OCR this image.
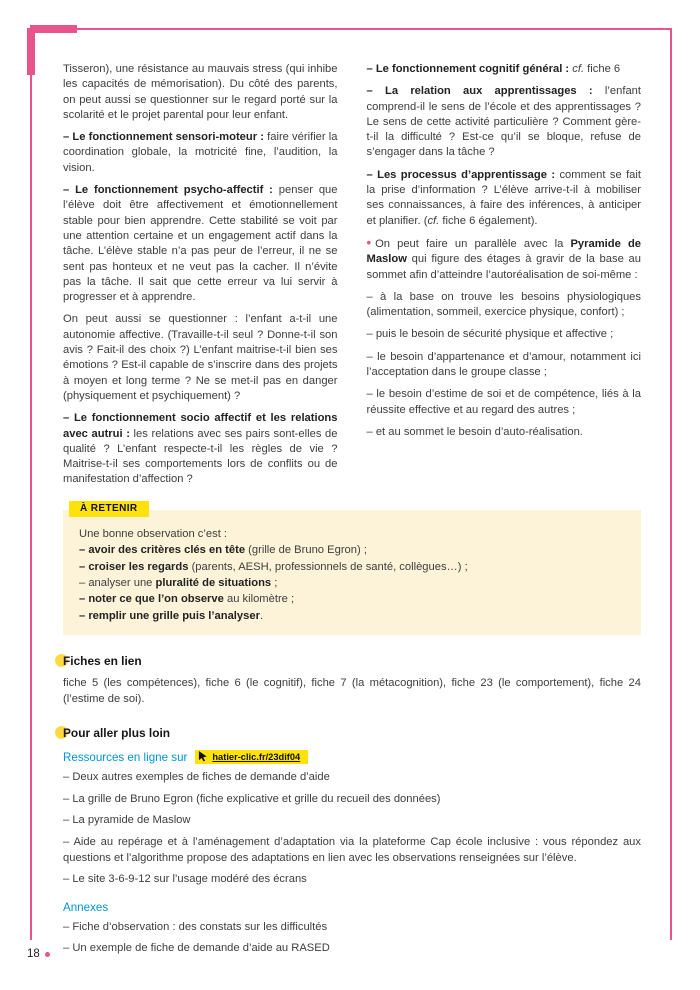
Tisseron), une résistance au mauvais stress (qui inhibe les capacités de mémorisation). Du côté des parents, on peut aussi se questionner sur le regard porté sur la scolarité et le projet parental pour leur enfant.

– Le fonctionnement sensori-moteur : faire vérifier la coordination globale, la motricité fine, l’audition, la vision.

– Le fonctionnement psycho-affectif : penser que l’élève doit être affectivement et émotionnellement stable pour bien apprendre. Cette stabilité se voit par une attention certaine et un engagement actif dans la tâche. L’élève stable n’a pas peur de l’erreur, il ne se sent pas honteux et ne veut pas la cacher. Il n’évite pas la tâche. Il sait que cette erreur va lui servir à progresser et à apprendre.

On peut aussi se questionner : l’enfant a-t-il une autonomie affective. (Travaille-t-il seul ? Donne-t-il son avis ? Fait-il des choix ?) L’enfant maitrise-t-il bien ses émotions ? Est-il capable de s’inscrire dans des projets à moyen et long terme ? Ne se met-il pas en danger (physiquement et psychiquement) ?

– Le fonctionnement socio affectif et les relations avec autrui : les relations avec ses pairs sont-elles de qualité ? L’enfant respecte-t-il les règles de vie ? Maitrise-t-il ses comportements lors de conflits ou de manifestation d’affection ?

– Le fonctionnement cognitif général : cf. fiche 6

– La relation aux apprentissages : l’enfant comprend-il le sens de l’école et des apprentissages ? Le sens de cette activité particulière ? Comment gère-t-il la difficulté ? Est-ce qu’il se bloque, refuse de s’engager dans la tâche ?

– Les processus d’apprentissage : comment se fait la prise d’information ? L’élève arrive-t-il à mobiliser ses connaissances, à faire des inférences, à anticiper et planifier. (cf. fiche 6 également).

• On peut faire un parallèle avec la Pyramide de Maslow qui figure des étages à gravir de la base au sommet afin d’atteindre l’autoréalisation de soi-même :

– à la base on trouve les besoins physiologiques (alimentation, sommeil, exercice physique, confort) ;

– puis le besoin de sécurité physique et affective ;

– le besoin d’appartenance et d’amour, notamment ici l’acceptation dans le groupe classe ;

– le besoin d’estime de soi et de compétence, liés à la réussite effective et au regard des autres ;

– et au sommet le besoin d’auto-réalisation.

À RETENIR

Une bonne observation c’est :

– avoir des critères clés en tête (grille de Bruno Egron) ;

– croiser les regards (parents, AESH, professionnels de santé, collègues…) ;

– analyser une pluralité de situations ;

– noter ce que l’on observe au kilomètre ;

– remplir une grille puis l’analyser.

Fiches en lien

fiche 5 (les compétences), fiche 6 (le cognitif), fiche 7 (la métacognition), fiche 23 (le comportement), fiche 24 (l’estime de soi).

Pour aller plus loin
Ressources en ligne sur	hatier-clic.fr/23dif04

– Deux autres exemples de fiches de demande d’aide

– La grille de Bruno Egron (fiche explicative et grille du recueil des données)

– La pyramide de Maslow

– Aide au repérage et à l’aménagement d’adaptation via la plateforme Cap école inclusive : vous répondez aux questions et l’algorithme propose des adaptations en lien avec les observations renseignées sur l’élève.

– Le site 3-6-9-12 sur l’usage modéré des écrans

Annexes

– Fiche d’observation : des constats sur les difficultés

– Un exemple de fiche de demande d’aide au RASED

18
